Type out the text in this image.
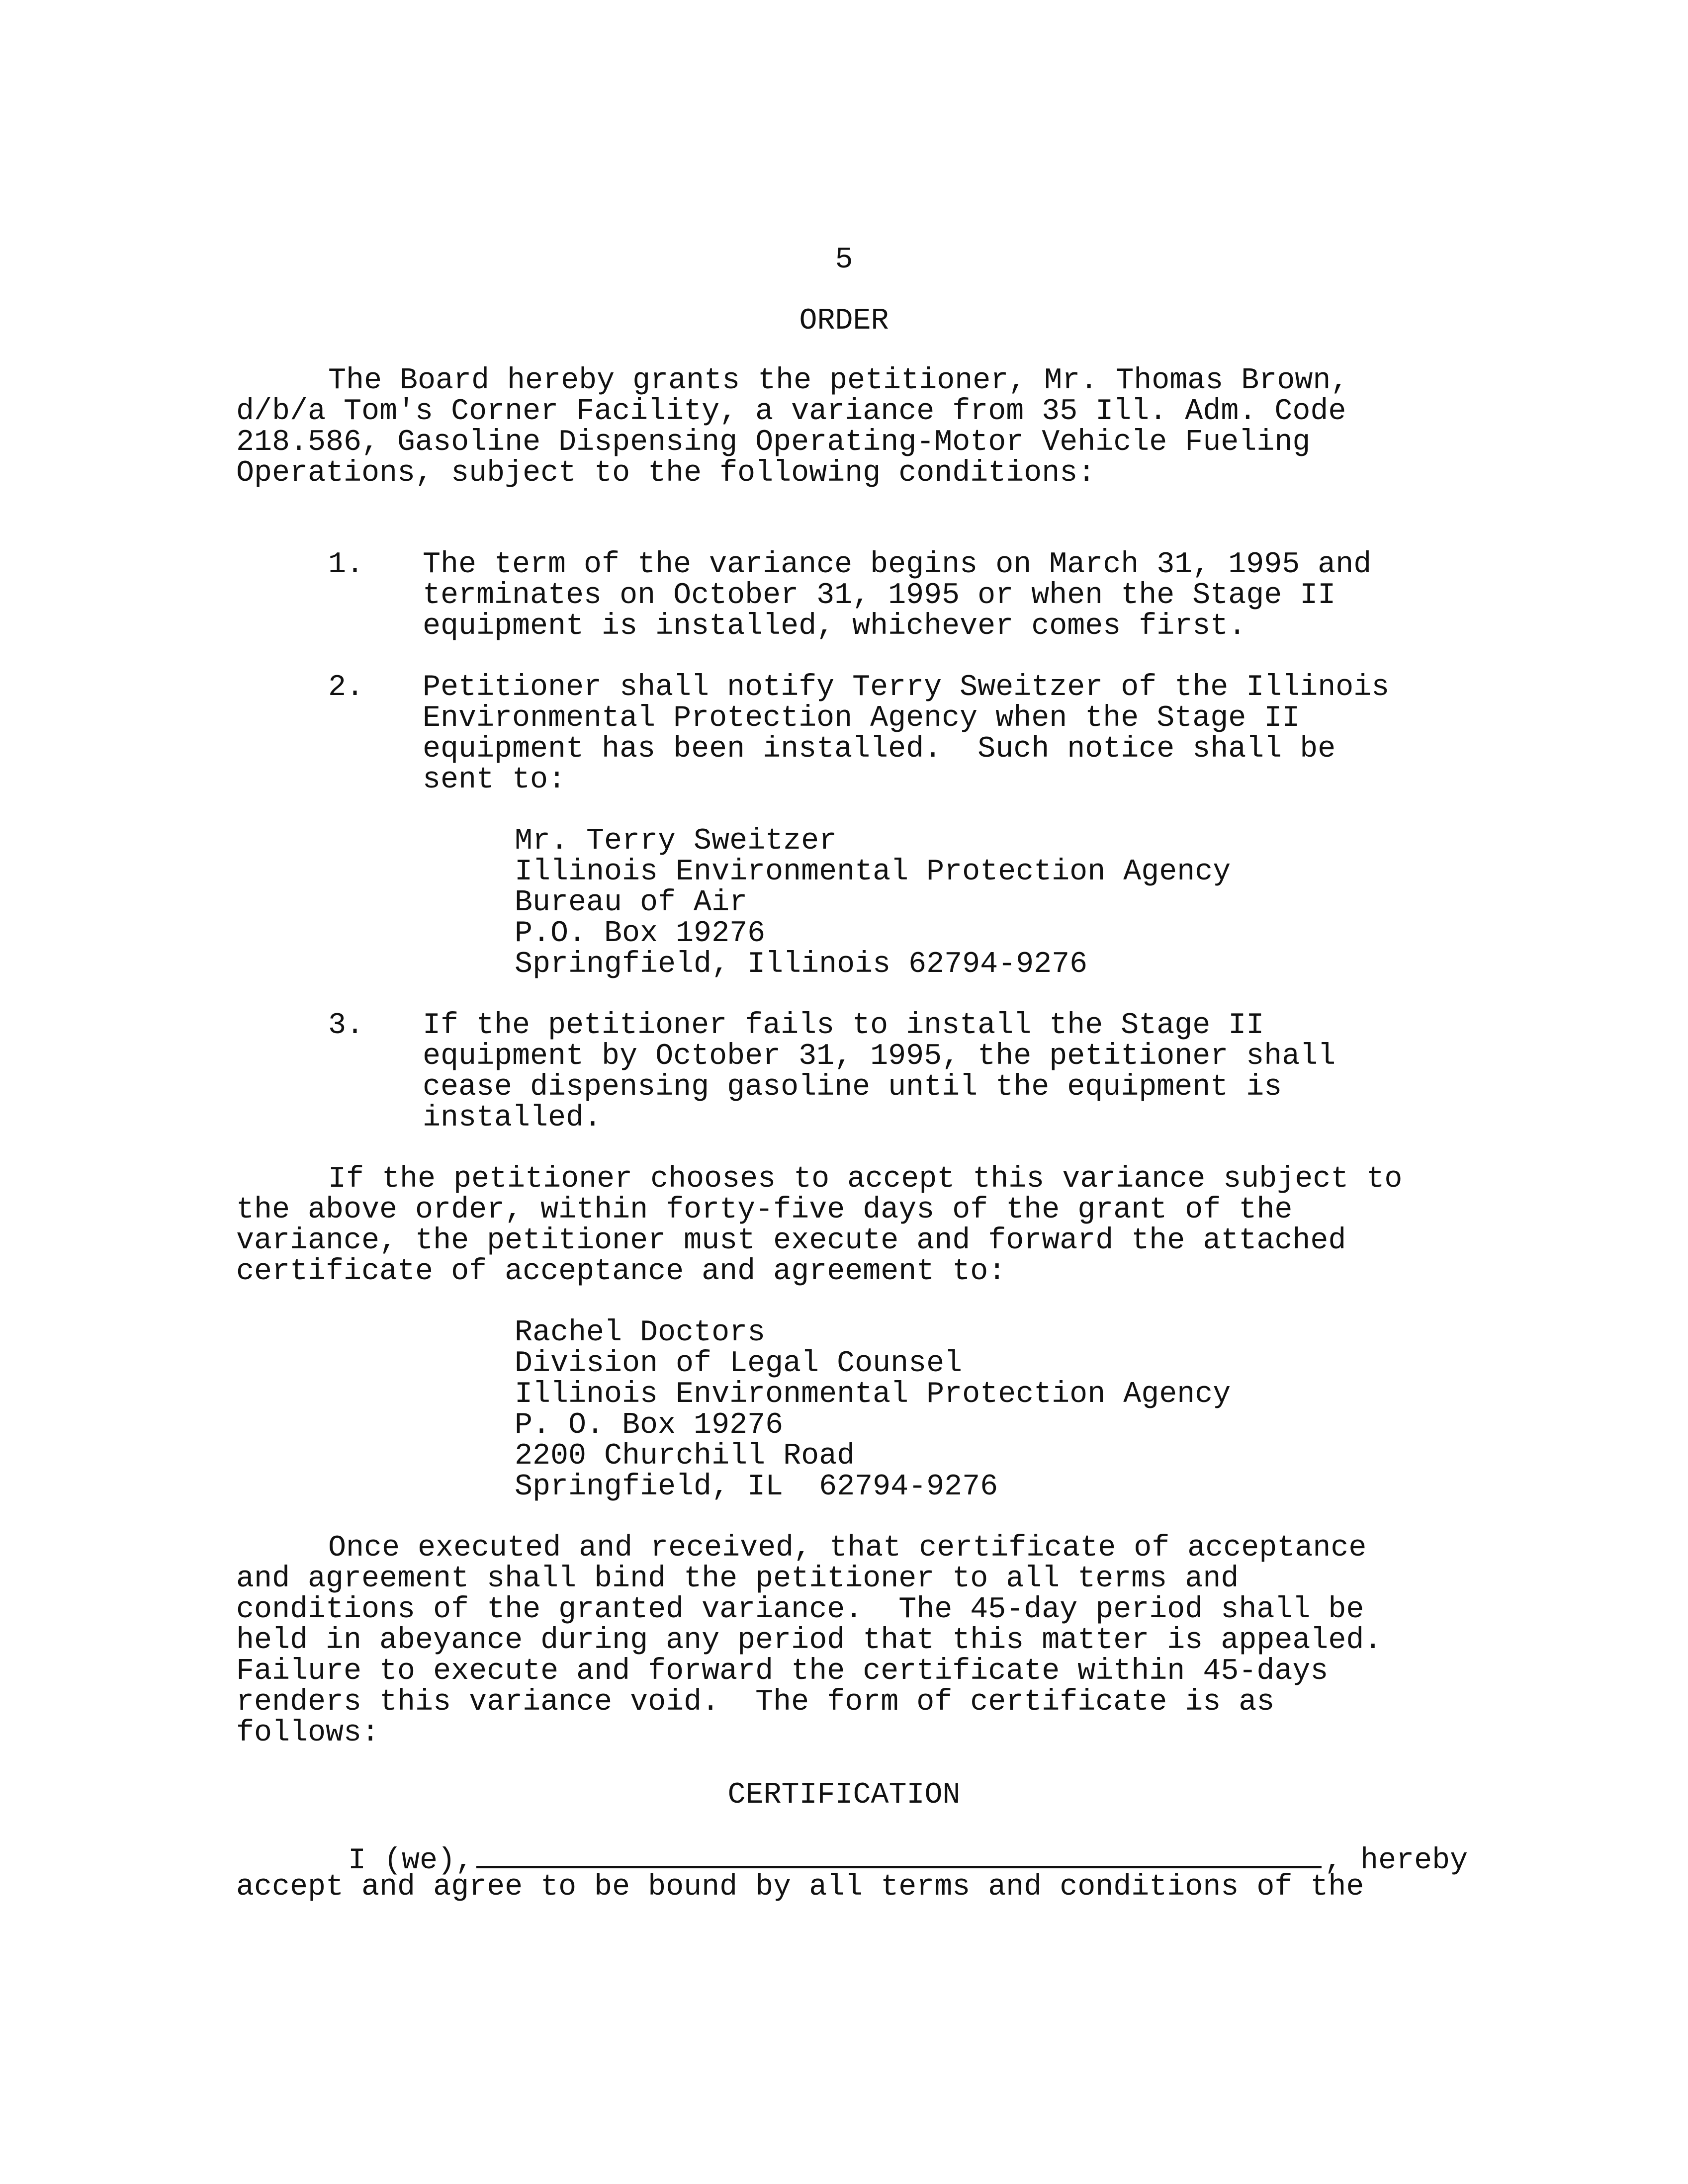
5

ORDER

The Board hereby grants the petitioner, Mr. Thomas Brown,

d/b/a Tom's Corner Facility, a variance from 35 Ill. Adm. Code

218.586, Gasoline Dispensing Operating-Motor Vehicle Fueling

Operations, subject to the following conditions:

1. The term of the variance begins on March 31, 1995 and

terminates on October 31, 1995 or when the Stage II

equipment is installed, whichever comes first.

2. Petitioner shall notify Terry Sweitzer of the Illinois

Environmental Protection Agency when the Stage II

equipment has been installed.  Such notice shall be

sent to:

Mr. Terry Sweitzer

Illinois Environmental Protection Agency

Bureau of Air

P.O. Box 19276

Springfield, Illinois 62794-9276

3. If the petitioner fails to install the Stage II

equipment by October 31, 1995, the petitioner shall

cease dispensing gasoline until the equipment is

installed.

If the petitioner chooses to accept this variance subject to

the above order, within forty-five days of the grant of the

variance, the petitioner must execute and forward the attached

certificate of acceptance and agreement to:

Rachel Doctors

Division of Legal Counsel

Illinois Environmental Protection Agency

P. O. Box 19276

2200 Churchill Road

Springfield, IL  62794-9276

Once executed and received, that certificate of acceptance

and agreement shall bind the petitioner to all terms and

conditions of the granted variance.  The 45-day period shall be

held in abeyance during any period that this matter is appealed.

Failure to execute and forward the certificate within 45-days

renders this variance void.  The form of certificate is as

follows:

CERTIFICATION

I (we),	, hereby

accept and agree to be bound by all terms and conditions of the
